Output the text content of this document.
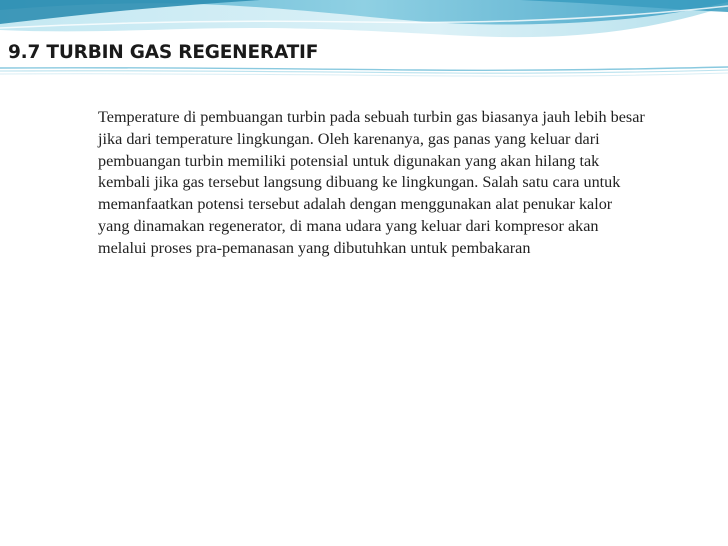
9.7 TURBIN GAS REGENERATIF

Temperature di pembuangan turbin pada sebuah turbin gas biasanya jauh lebih besar jika dari temperature lingkungan. Oleh karenanya, gas panas yang keluar dari pembuangan turbin memiliki potensial untuk digunakan yang akan hilang tak kembali jika gas tersebut langsung dibuang ke lingkungan. Salah satu cara untuk memanfaatkan potensi tersebut adalah dengan menggunakan alat penukar kalor yang dinamakan regenerator, di mana udara yang keluar dari kompresor akan melalui proses pra-pemanasan yang dibutuhkan untuk pembakaran
